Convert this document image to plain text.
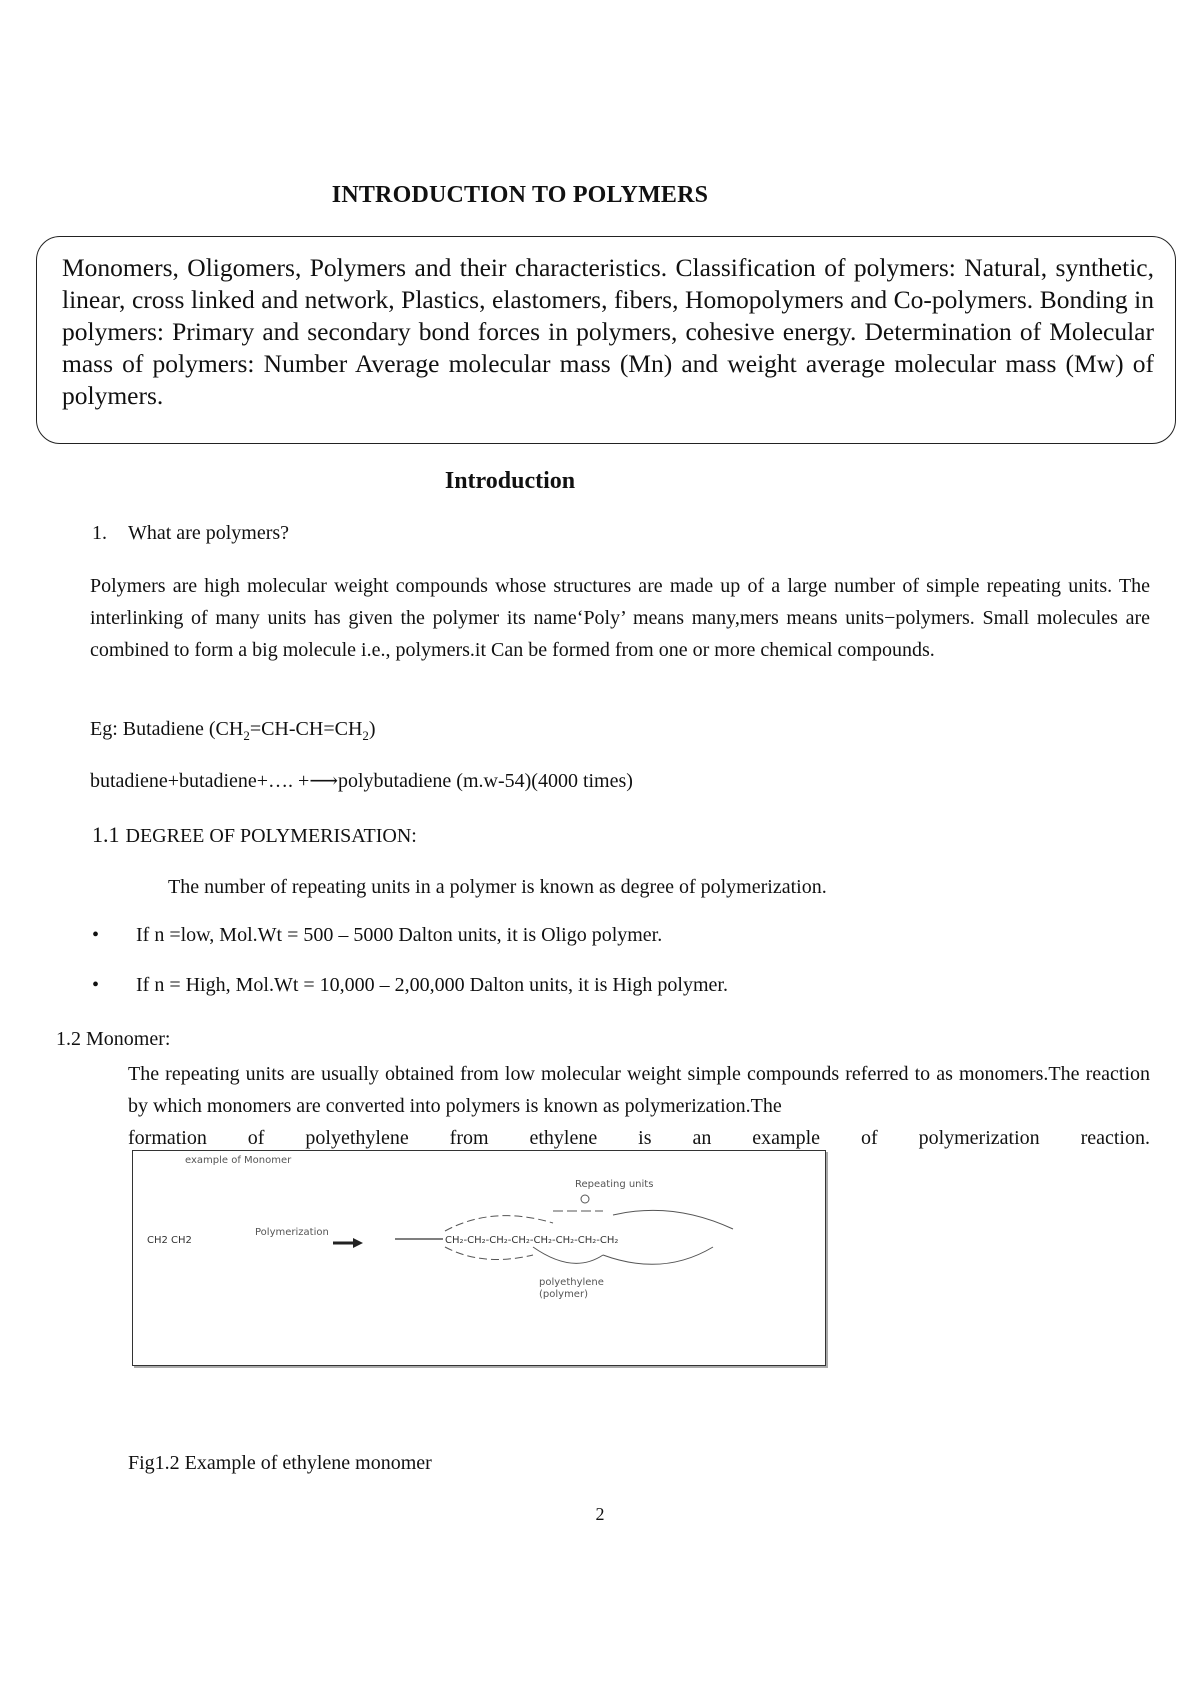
INTRODUCTION TO POLYMERS
Monomers, Oligomers, Polymers and their characteristics. Classification of polymers: Natural, synthetic, linear, cross linked and network, Plastics, elastomers, fibers, Homopolymers and Co-polymers. Bonding in polymers: Primary and secondary bond forces in polymers, cohesive energy. Determination of Molecular mass of polymers: Number Average molecular mass (Mn) and weight average molecular mass (Mw) of polymers.
Introduction
1. What are polymers?
Polymers are high molecular weight compounds whose structures are made up of a large number of simple repeating units. The interlinking of many units has given the polymer its name‘Poly’ means many,mers means units−polymers. Small molecules are combined to form a big molecule i.e., polymers.it Can be formed from one or more chemical compounds.
Eg: Butadiene $(CH_2=CH-CH=CH_2)$
butadiene+butadiene+…. +⟶polybutadiene (m.w-54)(4000 times)
1.1 DEGREE OF POLYMERISATION:
The number of repeating units in a polymer is known as degree of polymerization.
• If n =low, Mol.Wt = 500 – 5000 Dalton units, it is Oligo polymer.
• If n = High, Mol.Wt = 10,000 – 2,00,000 Dalton units, it is High polymer.
1.2 Monomer:
The repeating units are usually obtained from low molecular weight simple compounds referred to as monomers.The reaction by which monomers are converted into polymers is known as polymerization.The
formation of polyethylene from ethylene is an example of polymerization reaction.
example of Monomer
Repeating units
CH2 CH2
Polymerization
CH₂-CH₂-CH₂-CH₂-CH₂-CH₂-CH₂-CH₂
polyethylene
(polymer)
Fig1.2 Example of ethylene monomer
2
